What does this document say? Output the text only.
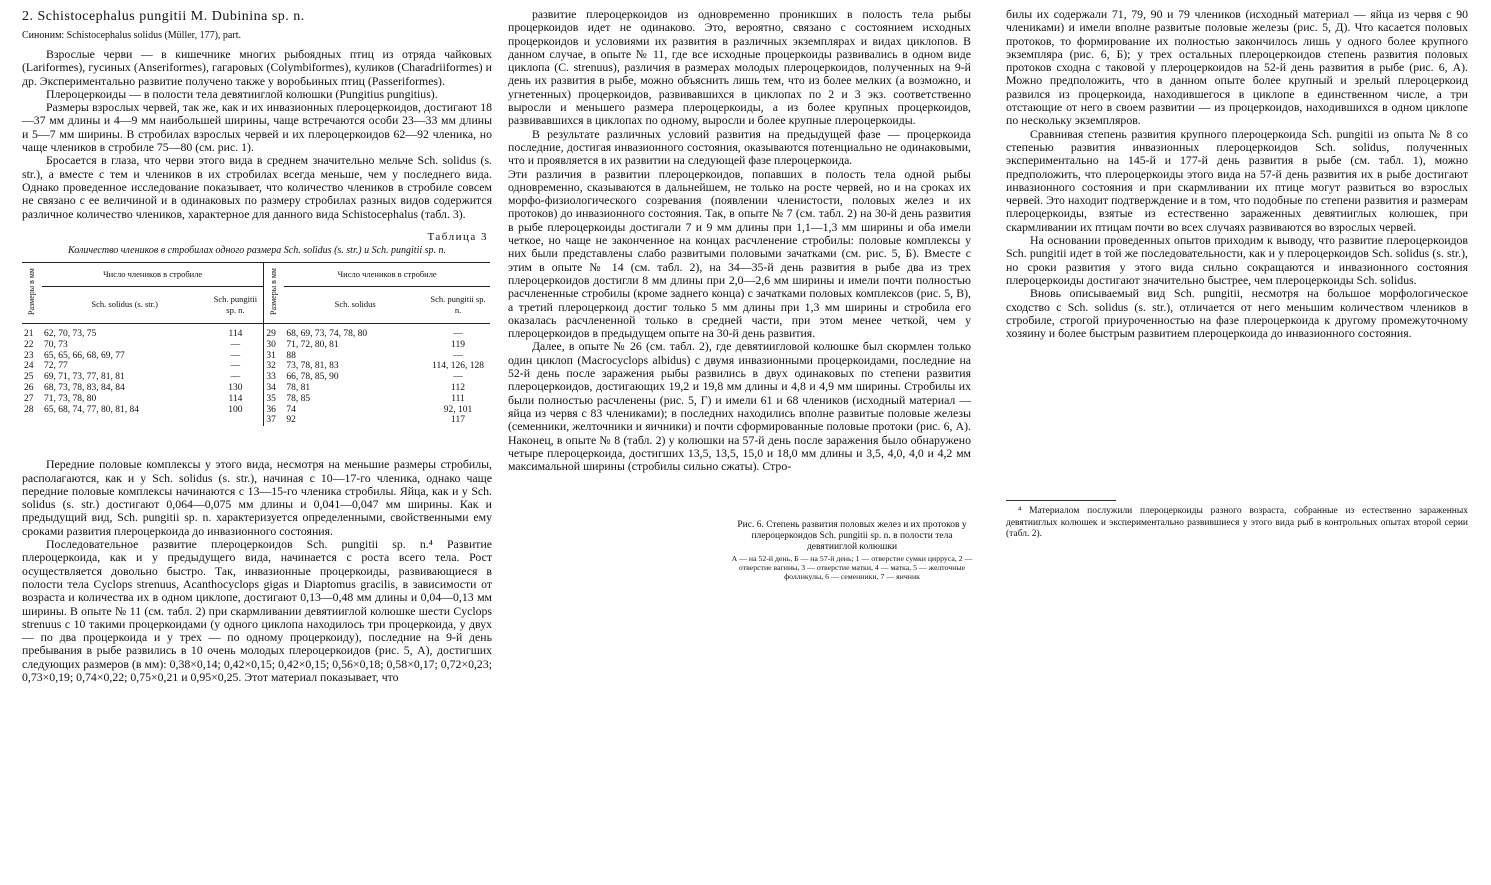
2. Schistocephalus pungitii M. Dubinina sp. n.

Синоним: Schistocephalus solidus (Müller, 177), part.

Взрослые черви — в кишечнике многих рыбоядных птиц из отряда чайковых (Lariformes), гусиных (Anseriformes), гагаровых (Colymbiformes), куликов (Charadriiformes) и др. Экспериментально развитие получено также у воробьиных птиц (Passeriformes).

Плероцеркоиды — в полости тела девятииглой колюшки (Pungitius pungitius).

Размеры взрослых червей, так же, как и их инвазионных плероцеркоидов, достигают 18—37 мм длины и 4—9 мм наибольшей ширины, чаще встречаются особи 23—33 мм длины и 5—7 мм ширины. В стробилах взрослых червей и их плероцеркоидов 62—92 членика, но чаще члеников в стробиле 75—80 (см. рис. 1).

Бросается в глаза, что черви этого вида в среднем значительно мельче Sch. solidus (s. str.), а вместе с тем и члеников в их стробилах всегда меньше, чем у последнего вида. Однако проведенное исследование показывает, что количество члеников в стробиле совсем не связано с ее величиной и в одинаковых по размеру стробилах разных видов содержится различное количество члеников, характерное для данного вида Schistocephalus (табл. 3).

Таблица 3
Количество члеников в стробилах одного размера Sch. solidus (s. str.) и Sch. pungitii sp. n.
Размеры в мм	Число члеников в стробиле		Размеры в мм	Число члеников в стробиле	
	Sch. solidus (s. str.)	Sch. pungitii sp. n.		Sch. solidus	Sch. pungitii sp. n.
21	62, 70, 73, 75	114	29	68, 69, 73, 74, 78, 80	—
22	70, 73	—	30	71, 72, 80, 81	119
23	65, 65, 66, 68, 69, 77	—	31	88	—
24	72, 77	—	32	73, 78, 81, 83	114, 126, 128
25	69, 71, 73, 77, 81, 81	—	33	66, 78, 85, 90	—
26	68, 73, 78, 83, 84, 84	130	34	78, 81	112
27	71, 73, 78, 80	114	35	78, 85	111
28	65, 68, 74, 77, 80, 81, 84	100	36	74	92, 101
			37	92	117

Передние половые комплексы у этого вида, несмотря на меньшие размеры стробилы, располагаются, как и у Sch. solidus (s. str.), начиная с 10—17-го членика, однако чаще передние половые комплексы начинаются с 13—15-го членика стробилы. Яйца, как и у Sch. solidus (s. str.) достигают 0,064—0,075 мм длины и 0,041—0,047 мм ширины. Как и предыдущий вид, Sch. pungitii sp. n. характеризуется определенными, свойственными ему сроками развития плероцеркоида до инвазионного состояния.

Последовательное развитие плероцеркоидов Sch. pungitii sp. n.⁴ Развитие плероцеркоида, как и у предыдущего вида, начинается с роста всего тела. Рост осуществляется довольно быстро. Так, инвазионные процеркоиды, развивающиеся в полости тела Cyclops strenuus, Acanthocyclops gigas и Diaptomus gracilis, в зависимости от возраста и количества их в одном циклопе, достигают 0,13—0,48 мм длины и 0,04—0,13 мм ширины. В опыте № 11 (см. табл. 2) при скармливании девятииглой колюшке шести Cyclops strenuus с 10 такими процеркоидами (у одного циклопа находилось три процеркоида, у двух — по два процеркоида и у трех — по одному процеркоиду), последние на 9-й день пребывания в рыбе развились в 10 очень молодых плероцеркоидов (рис. 5, А), достигших следующих размеров (в мм): 0,38×0,14; 0,42×0,15; 0,42×0,15; 0,56×0,18; 0,58×0,17; 0,72×0,23; 0,73×0,19; 0,74×0,22; 0,75×0,21 и 0,95×0,25. Этот материал показывает, что

развитие плероцеркоидов из одновременно проникших в полость тела рыбы процеркоидов идет не одинаково. Это, вероятно, связано с состоянием исходных процеркоидов и условиями их развития в различных экземплярах и видах циклопов. В данном случае, в опыте № 11, где все исходные процеркоиды развивались в одном виде циклопа (C. strenuus), различия в размерах молодых плероцеркоидов, полученных на 9-й день их развития в рыбе, можно объяснить лишь тем, что из более мелких (а возможно, и угнетенных) процеркоидов, развивавшихся в циклопах по 2 и 3 экз. соответственно выросли и меньшего размера плероцеркоиды, а из более крупных процеркоидов, развивавшихся в циклопах по одному, выросли и более крупные плероцеркоиды.

В результате различных условий развития на предыдущей фазе — процеркоида последние, достигая инвазионного состояния, оказываются потенциально не одинаковыми, что и проявляется в их развитии на следующей фазе плероцеркоида.

Эти различия в развитии плероцеркоидов, попавших в полость тела одной рыбы одновременно, сказываются в дальнейшем, не только на росте червей, но и на сроках их морфо-физиологического созревания (появлении членистости, половых желез и их протоков) до инвазионного состояния. Так, в опыте № 7 (см. табл. 2) на 30-й день развития в рыбе плероцеркоиды достигали 7 и 9 мм длины при 1,1—1,3 мм ширины и оба имели четкое, но чаще не законченное на концах расчленение стробилы: половые комплексы у них были представлены слабо развитыми половыми зачатками (см. рис. 5, Б). Вместе с этим в опыте № 14 (см. табл. 2), на 34—35-й день развития в рыбе два из трех плероцеркоидов достигли 8 мм длины при 2,0—2,6 мм ширины и имели почти полностью расчлененные стробилы (кроме заднего конца) с зачатками половых комплексов (рис. 5, В), а третий плероцеркоид достиг только 5 мм длины при 1,3 мм ширины и стробила его оказалась расчлененной только в средней части, при этом менее четкой, чем у плероцеркоидов в предыдущем опыте на 30-й день развития.

Далее, в опыте № 26 (см. табл. 2), где девятиигловой колюшке был скормлен только один циклоп (Macrocyclops albidus) с двумя инвазионными процеркоидами, последние на 52-й день после заражения рыбы развились в двух одинаковых по степени развития плероцеркоидов, достигающих 19,2 и 19,8 мм длины и 4,8 и 4,9 мм ширины. Стробилы их были полностью расчленены (рис. 5, Г) и имели 61 и 68 члеников (исходный материал — яйца из червя с 83 члениками); в последних находились вполне развитые половые железы (семенники, желточники и яичники) и почти сформированные половые протоки (рис. 6, А). Наконец, в опыте № 8 (табл. 2) у колюшки на 57-й день после заражения было обнаружено четыре плероцеркоида, достигших 13,5, 13,5, 15,0 и 18,0 мм длины и 3,5, 4,0, 4,0 и 4,2 мм максимальной ширины (стробилы сильно сжаты). Стро-

Рис. 6. Степень развития половых желез и их протоков у плероцеркоидов Sch. pungitii sp. n. в полости тела девятииглой колюшки
А — на 52-й день, Б — на 57-й день; 1 — отверстие сумки цирруса, 2 — отверстие вагины, 3 — отверстие матки, 4 — матка, 5 — желточные фолликулы, 6 — семенники, 7 — яичник

билы их содержали 71, 79, 90 и 79 члеников (исходный материал — яйца из червя с 90 члениками) и имели вполне развитые половые железы (рис. 5, Д). Что касается половых протоков, то формирование их полностью закончилось лишь у одного более крупного экземпляра (рис. 6, Б); у трех остальных плероцеркоидов степень развития половых протоков сходна с таковой у плероцеркоидов на 52-й день развития в рыбе (рис. 6, А). Можно предположить, что в данном опыте более крупный и зрелый плероцеркоид развился из процеркоида, находившегося в циклопе в единственном числе, а три отстающие от него в своем развитии — из процеркоидов, находившихся в одном циклопе по нескольку экземпляров.

Сравнивая степень развития крупного плероцеркоида Sch. pungitii из опыта № 8 со степенью развития инвазионных плероцеркоидов Sch. solidus, полученных экспериментально на 145-й и 177-й день развития в рыбе (см. табл. 1), можно предположить, что плероцеркоиды этого вида на 57-й день развития их в рыбе достигают инвазионного состояния и при скармливании их птице могут развиться во взрослых червей. Это находит подтверждение и в том, что подобные по степени развития и размерам плероцеркоиды, взятые из естественно зараженных девятииглых колюшек, при скармливании их птицам почти во всех случаях развиваются во взрослых червей.

На основании проведенных опытов приходим к выводу, что развитие плероцеркоидов Sch. pungitii идет в той же последовательности, как и у плероцеркоидов Sch. solidus (s. str.), но сроки развития у этого вида сильно сокращаются и инвазионного состояния плероцеркоиды достигают значительно быстрее, чем плероцеркоиды Sch. solidus.

Вновь описываемый вид Sch. pungitii, несмотря на большое морфологическое сходство с Sch. solidus (s. str.), отличается от него меньшим количеством члеников в стробиле, строгой приуроченностью на фазе плероцеркоида к другому промежуточному хозяину и более быстрым развитием плероцеркоида до инвазионного состояния.

⁴ Материалом послужили плероцеркоиды разного возраста, собранные из естественно зараженных девятииглых колюшек и экспериментально развившиеся у этого вида рыб в контрольных опытах второй серии (табл. 2).
